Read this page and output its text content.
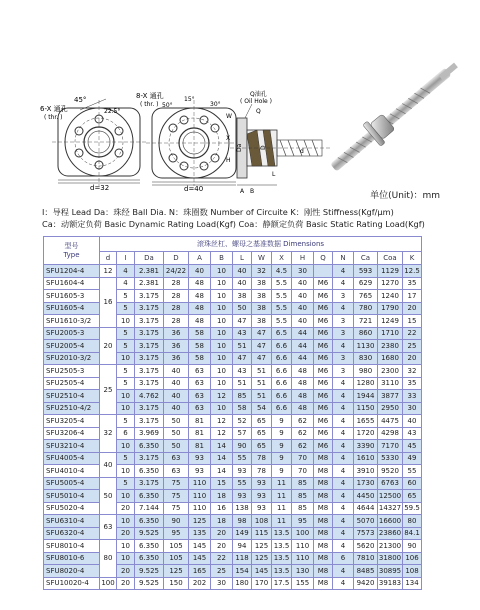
d=32
6-X 通孔
( thr. )
45°
22.5°
d=40
8-X 通孔
( thr. ) 50°
15°
30°
Q油孔
( Oil Hole )
W
X
H
Da	D
d
A B
L
Q
单位(Unit)：mm
I：导程 Lead Da：珠经 Ball Dia. N：珠圈数 Number of Circuite K：刚性 Stiffness(Kgf/μm)
Ca：动额定负荷 Basic Dynamic Rating Load(Kgf) Coa：静额定负荷 Basic Static Rating Load(Kgf)
型号
Type	滚珠丝杠、螺母之基准数据 Dimensions														
	d	I	Da	D	A	B	L	W	X	H	Q	N	Ca	Coa	K
SFU1204-4	12	4	2.381	24/22	40	10	40	32	4.5	30		4	593	1129	12.5
SFU1604-4	16	4	2.381	28	48	10	40	38	5.5	40	M6	4	629	1270	35
SFU1605-3		5	3.175	28	48	10	38	38	5.5	40	M6	3	765	1240	17
SFU1605-4		5	3.175	28	48	10	50	38	5.5	40	M6	4	780	1790	20
SFU1610-3/2		10	3.175	28	48	10	47	38	5.5	40	M6	3	721	1249	15
SFU2005-3	20	5	3.175	36	58	10	43	47	6.5	44	M6	3	860	1710	22
SFU2005-4		5	3.175	36	58	10	51	47	6.6	44	M6	4	1130	2380	25
SFU2010-3/2		10	3.175	36	58	10	47	47	6.6	44	M6	3	830	1680	20
SFU2505-3	25	5	3.175	40	63	10	43	51	6.6	48	M6	3	980	2300	32
SFU2505-4		5	3.175	40	63	10	51	51	6.6	48	M6	4	1280	3110	35
SFU2510-4		10	4.762	40	63	12	85	51	6.6	48	M6	4	1944	3877	33
SFU2510-4/2		10	3.175	40	63	10	58	54	6.6	48	M6	4	1150	2950	30
SFU3205-4	32	5	3.175	50	81	12	52	65	9	62	M6	4	1655	4475	40
SFU3206-4		6	3.969	50	81	12	57	65	9	62	M6	4	1720	4298	43
SFU3210-4		10	6.350	50	81	14	90	65	9	62	M6	4	3390	7170	45
SFU4005-4	40	5	3.175	63	93	14	55	78	9	70	M8	4	1610	5330	49
SFU4010-4		10	6.350	63	93	14	93	78	9	70	M8	4	3910	9520	55
SFU5005-4	50	5	3.175	75	110	15	55	93	11	85	M8	4	1730	6763	60
SFU5010-4		10	6.350	75	110	18	93	93	11	85	M8	4	4450	12500	65
SFU5020-4		20	7.144	75	110	16	138	93	11	85	M8	4	4644	14327	59.5
SFU6310-4	63	10	6.350	90	125	18	98	108	11	95	M8	4	5070	16600	80
SFU6320-4		20	9.525	95	135	20	149	115	13.5	100	M8	4	7573	23860	84.1
SFU8010-4	80	10	6.350	105	145	20	94	125	13.5	110	M8	4	5620	21300	90
SFU8010-6		10	6.350	105	145	22	118	125	13.5	110	M8	6	7810	31800	106
SFU8020-4		20	9.525	125	165	25	154	145	13.5	130	M8	4	8485	30895	108
SFU10020-4	100	20	9.525	150	202	30	180	170	17.5	155	M8	4	9420	39183	134
